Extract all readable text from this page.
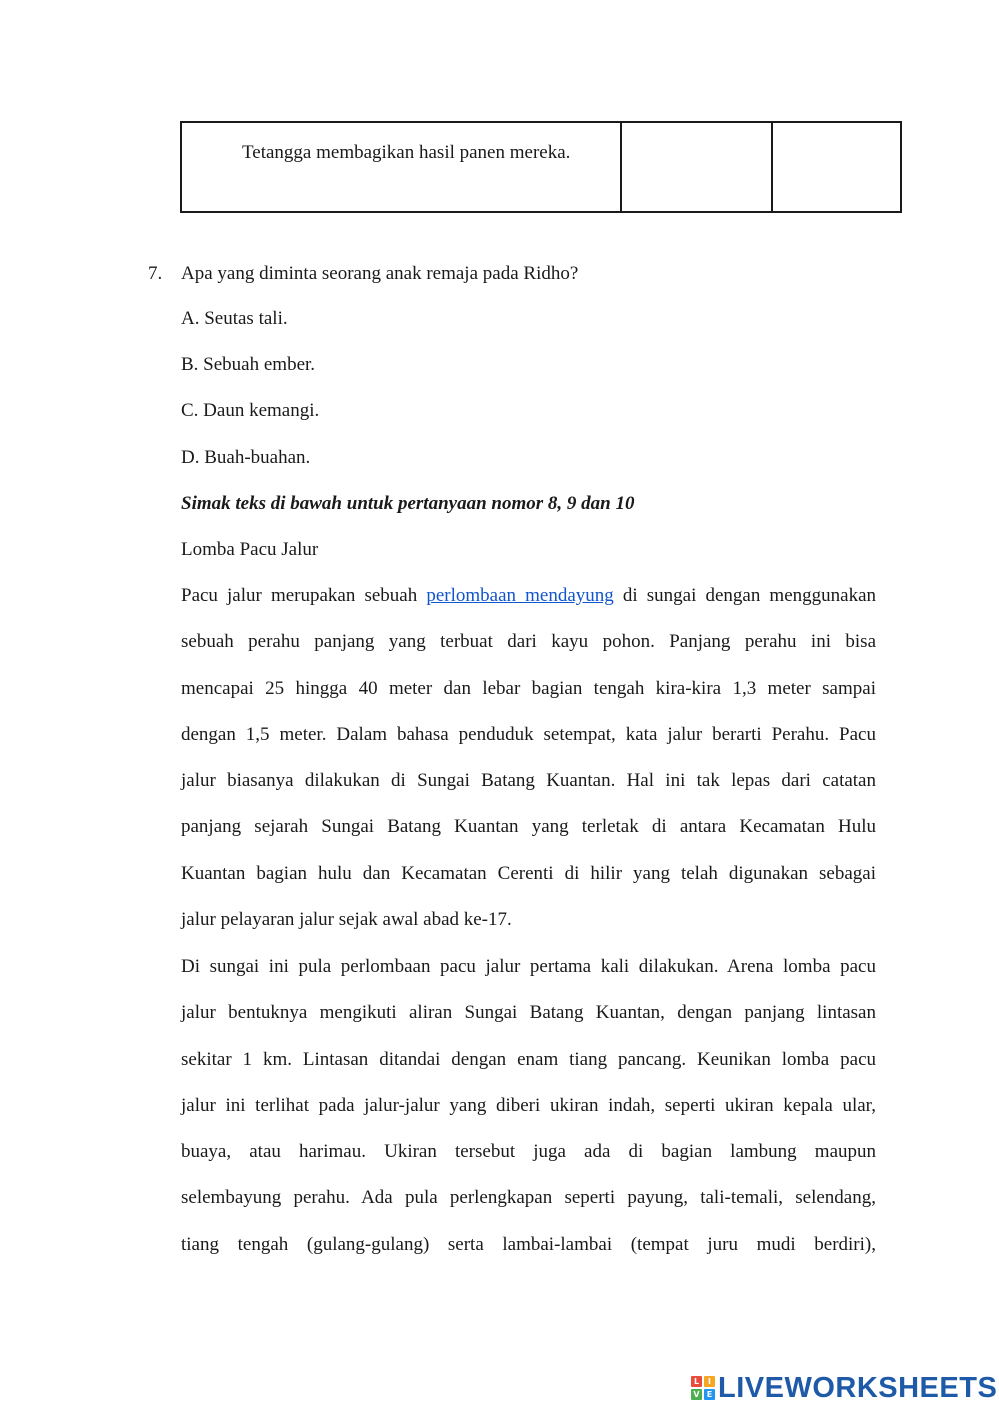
Tetangga membagikan hasil panen mereka.
7. Apa yang diminta seorang anak remaja pada Ridho?
A. Seutas tali.
B. Sebuah ember.
C. Daun kemangi.
D. Buah-buahan.
Simak teks di bawah untuk pertanyaan nomor 8, 9 dan 10
Lomba Pacu Jalur
Pacu jalur merupakan sebuah perlombaan mendayung di sungai dengan menggunakan
sebuah perahu panjang yang terbuat dari kayu pohon. Panjang perahu ini bisa
mencapai 25 hingga 40 meter dan lebar bagian tengah kira-kira 1,3 meter sampai
dengan 1,5 meter. Dalam bahasa penduduk setempat, kata jalur berarti Perahu. Pacu
jalur biasanya dilakukan di Sungai Batang Kuantan. Hal ini tak lepas dari catatan
panjang sejarah Sungai Batang Kuantan yang terletak di antara Kecamatan Hulu
Kuantan bagian hulu dan Kecamatan Cerenti di hilir yang telah digunakan sebagai
jalur pelayaran jalur sejak awal abad ke-17.
Di sungai ini pula perlombaan pacu jalur pertama kali dilakukan. Arena lomba pacu
jalur bentuknya mengikuti aliran Sungai Batang Kuantan, dengan panjang lintasan
sekitar 1 km. Lintasan ditandai dengan enam tiang pancang. Keunikan lomba pacu
jalur ini terlihat pada jalur-jalur yang diberi ukiran indah, seperti ukiran kepala ular,
buaya, atau harimau. Ukiran tersebut juga ada di bagian lambung maupun
selembayung perahu. Ada pula perlengkapan seperti payung, tali-temali, selendang,
tiang tengah (gulang-gulang) serta lambai-lambai (tempat juru mudi berdiri),
L	I
V E LIVEWORKSHEETS
